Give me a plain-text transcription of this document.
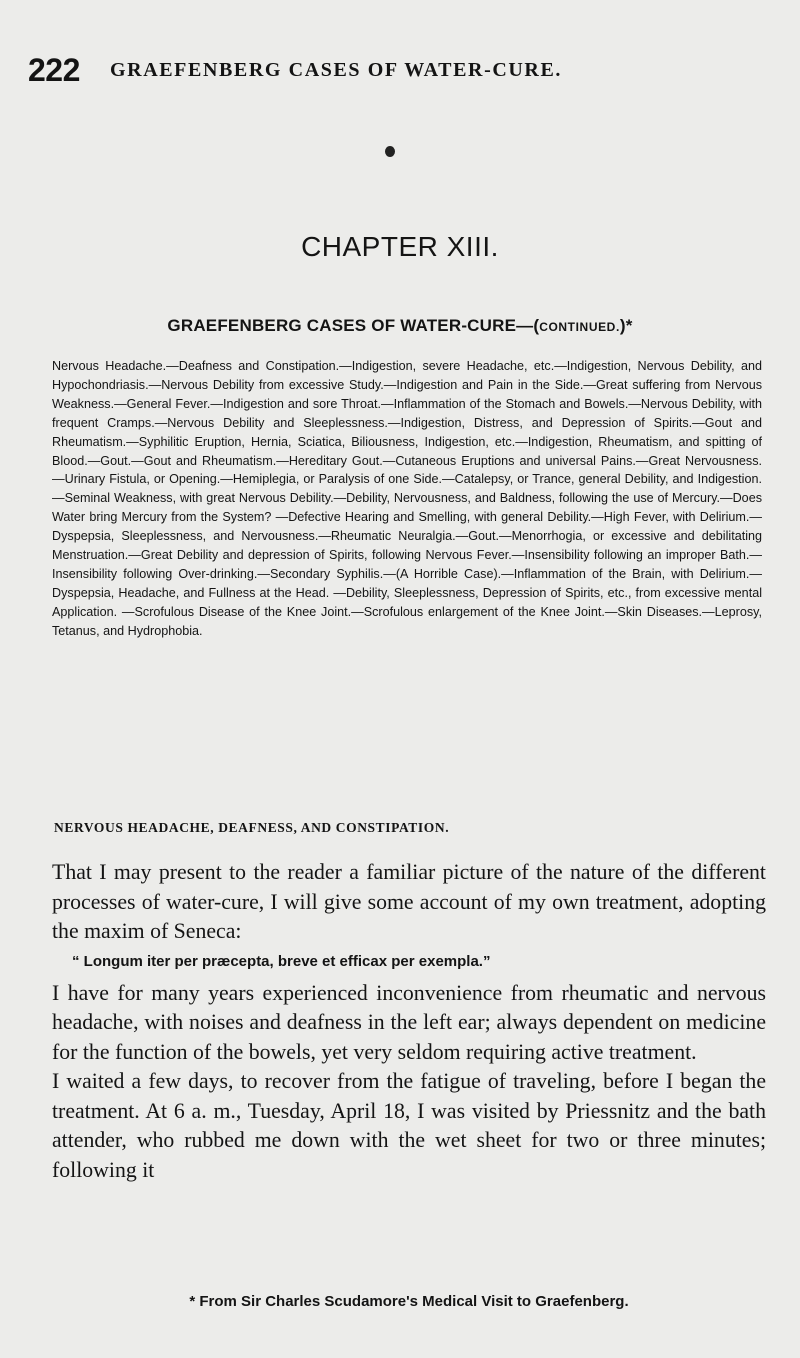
222 GRAEFENBERG CASES OF WATER-CURE.
CHAPTER XIII.
GRAEFENBERG CASES OF WATER-CURE—(CONTINUED.)*
Nervous Headache.—Deafness and Constipation.—Indigestion, severe Headache, etc.—Indigestion, Nervous Debility, and Hypochondriasis.—Nervous Debility from excessive Study.—Indigestion and Pain in the Side.—Great suffering from Nervous Weakness.—General Fever.—Indigestion and sore Throat.—Inflammation of the Stomach and Bowels.—Nervous Debility, with frequent Cramps.—Nervous Debility and Sleeplessness.—Indigestion, Distress, and Depression of Spirits.—Gout and Rheumatism.—Syphilitic Eruption, Hernia, Sciatica, Biliousness, Indigestion, etc.—Indigestion, Rheumatism, and spitting of Blood.—Gout.—Gout and Rheumatism.—Hereditary Gout.—Cutaneous Eruptions and universal Pains.—Great Nervousness.—Urinary Fistula, or Opening.—Hemiplegia, or Paralysis of one Side.—Catalepsy, or Trance, general Debility, and Indigestion.—Seminal Weakness, with great Nervous Debility.—Debility, Nervousness, and Baldness, following the use of Mercury.—Does Water bring Mercury from the System? —Defective Hearing and Smelling, with general Debility.—High Fever, with Delirium.—Dyspepsia, Sleeplessness, and Nervousness.—Rheumatic Neuralgia.—Gout.—Menorrhogia, or excessive and debilitating Menstruation.—Great Debility and depression of Spirits, following Nervous Fever.—Insensibility following an improper Bath.—Insensibility following Over-drinking.—Secondary Syphilis.—(A Horrible Case).—Inflammation of the Brain, with Delirium.—Dyspepsia, Headache, and Fullness at the Head. —Debility, Sleeplessness, Depression of Spirits, etc., from excessive mental Application. —Scrofulous Disease of the Knee Joint.—Scrofulous enlargement of the Knee Joint.—Skin Diseases.—Leprosy, Tetanus, and Hydrophobia.
NERVOUS HEADACHE, DEAFNESS, AND CONSTIPATION.

That I may present to the reader a familiar picture of the nature of the different processes of water-cure, I will give some account of my own treatment, adopting the maxim of Seneca:

“ Longum iter per præcepta, breve et efficax per exempla.”

I have for many years experienced inconvenience from rheumatic and nervous headache, with noises and deafness in the left ear; always dependent on medicine for the function of the bowels, yet very seldom requiring active treatment.

I waited a few days, to recover from the fatigue of traveling, before I began the treatment. At 6 a. m., Tuesday, April 18, I was visited by Priessnitz and the bath attender, who rubbed me down with the wet sheet for two or three minutes; following it

* From Sir Charles Scudamore's Medical Visit to Graefenberg.
